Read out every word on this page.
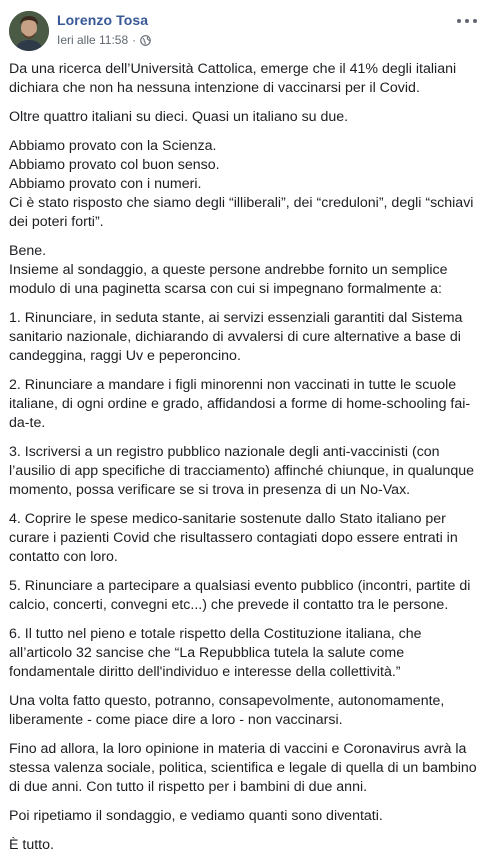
Lorenzo Tosa
Ieri alle 11:58 ·

Da una ricerca dell’Università Cattolica, emerge che il 41% degli italiani dichiara che non ha nessuna intenzione di vaccinarsi per il Covid.

Oltre quattro italiani su dieci. Quasi un italiano su due.

Abbiamo provato con la Scienza.
Abbiamo provato col buon senso.
Abbiamo provato con i numeri.
Ci è stato risposto che siamo degli “illiberali”, dei “creduloni”, degli “schiavi dei poteri forti”.

Bene.
Insieme al sondaggio, a queste persone andrebbe fornito un semplice modulo di una paginetta scarsa con cui si impegnano formalmente a:

1. Rinunciare, in seduta stante, ai servizi essenziali garantiti dal Sistema sanitario nazionale, dichiarando di avvalersi di cure alternative a base di candeggina, raggi Uv e peperoncino.

2. Rinunciare a mandare i figli minorenni non vaccinati in tutte le scuole italiane, di ogni ordine e grado, affidandosi a forme di home-schooling fai-da-te.

3. Iscriversi a un registro pubblico nazionale degli anti-vaccinisti (con l’ausilio di app specifiche di tracciamento) affinché chiunque, in qualunque momento, possa verificare se si trova in presenza di un No-Vax.

4. Coprire le spese medico-sanitarie sostenute dallo Stato italiano per curare i pazienti Covid che risultassero contagiati dopo essere entrati in contatto con loro.

5. Rinunciare a partecipare a qualsiasi evento pubblico (incontri, partite di calcio, concerti, convegni etc...) che prevede il contatto tra le persone.

6. Il tutto nel pieno e totale rispetto della Costituzione italiana, che all’articolo 32 sancise che “La Repubblica tutela la salute come fondamentale diritto dell'individuo e interesse della collettività.”

Una volta fatto questo, potranno, consapevolmente, autonomamente, liberamente - come piace dire a loro - non vaccinarsi.

Fino ad allora, la loro opinione in materia di vaccini e Coronavirus avrà la stessa valenza sociale, politica, scientifica e legale di quella di un bambino di due anni. Con tutto il rispetto per i bambini di due anni.

Poi ripetiamo il sondaggio, e vediamo quanti sono diventati.

È tutto.
